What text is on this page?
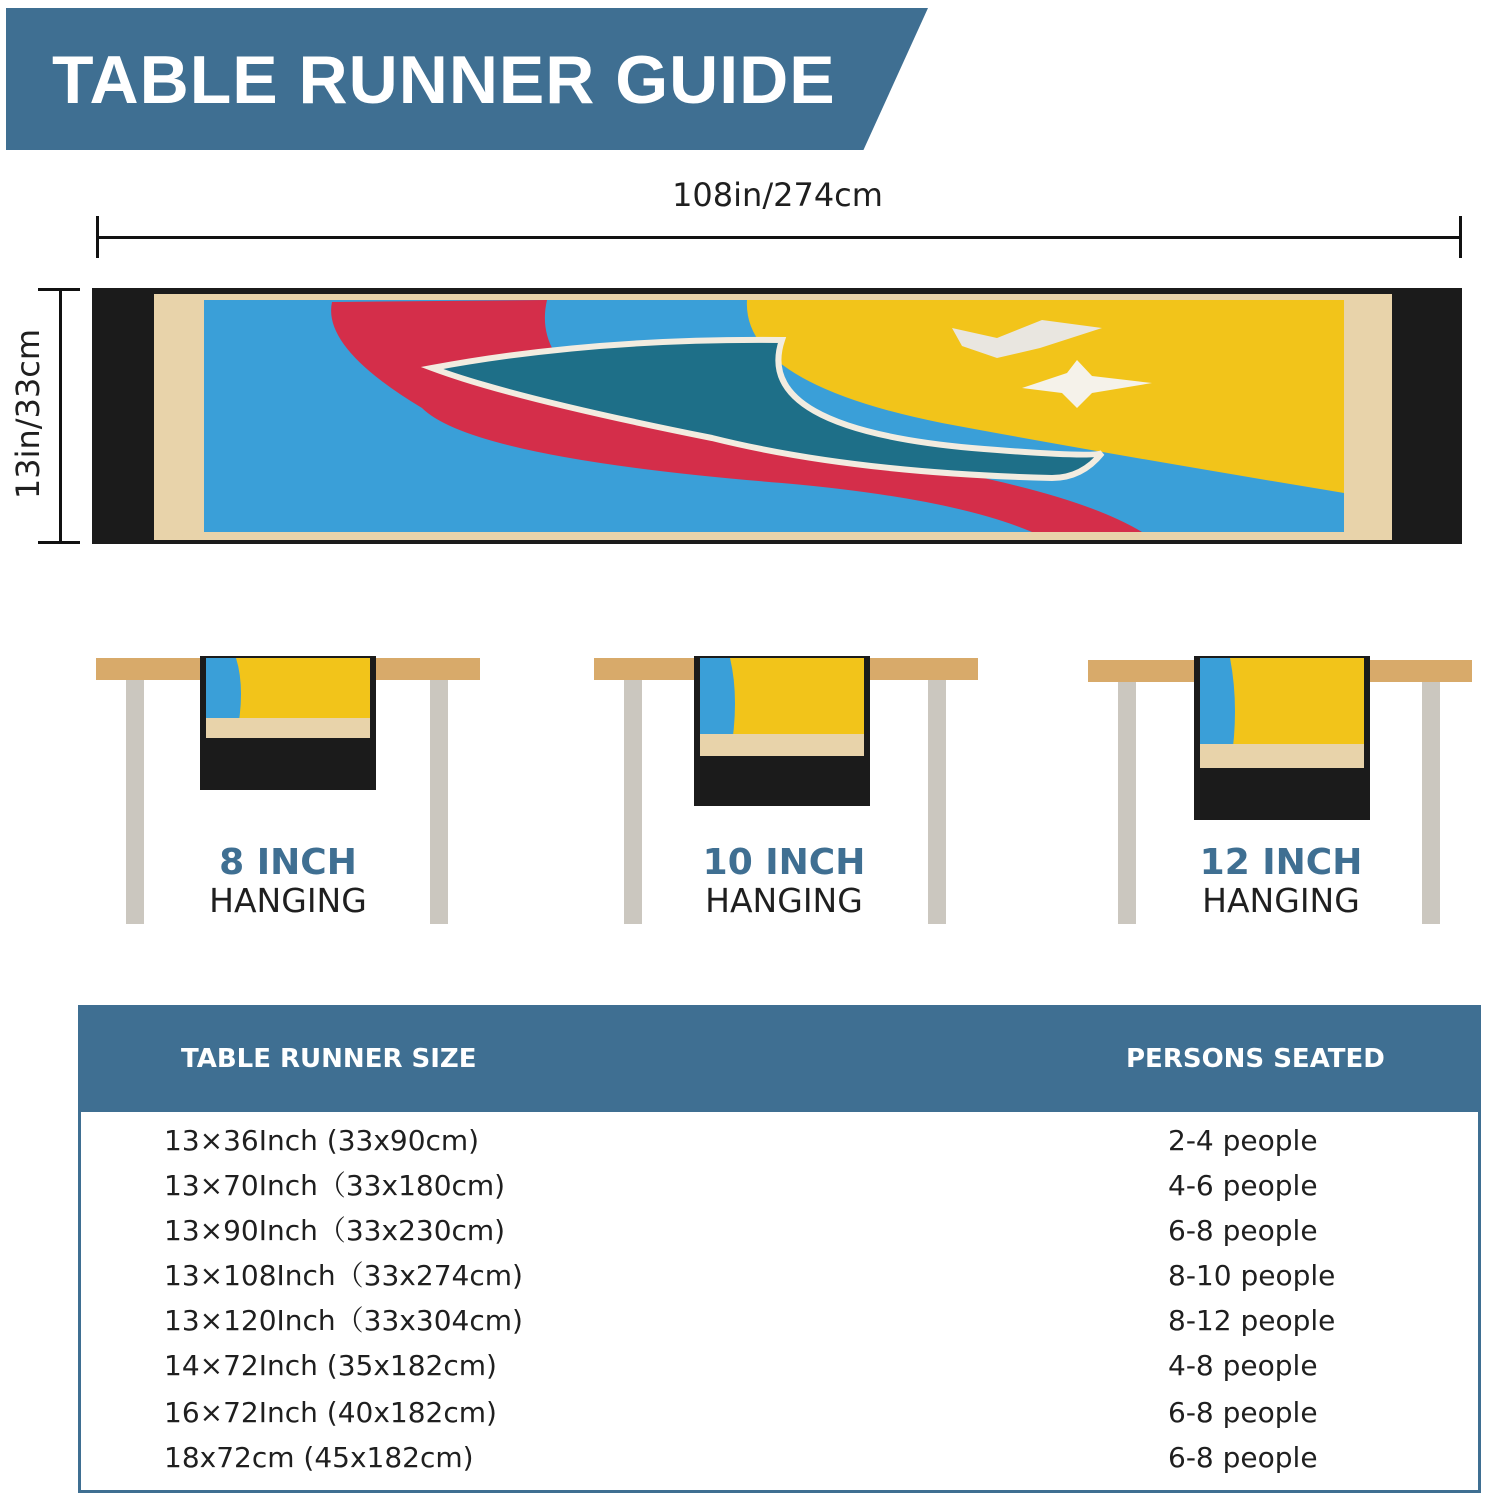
TABLE RUNNER GUIDE
108in/274cm
13in/33cm
8 INCH
HANGING
10 INCH
HANGING
12 INCH
HANGING
TABLE RUNNER SIZE	PERSONS SEATED
13×36Inch (33x90cm)	2-4 people
13×70Inch（33x180cm)	4-6 people
13×90Inch（33x230cm)	6-8 people
13×108Inch（33x274cm)	8-10 people
13×120Inch（33x304cm)	8-12 people
14×72Inch (35x182cm)	4-8 people
16×72Inch (40x182cm)	6-8 people
18x72cm (45x182cm)	6-8 people
